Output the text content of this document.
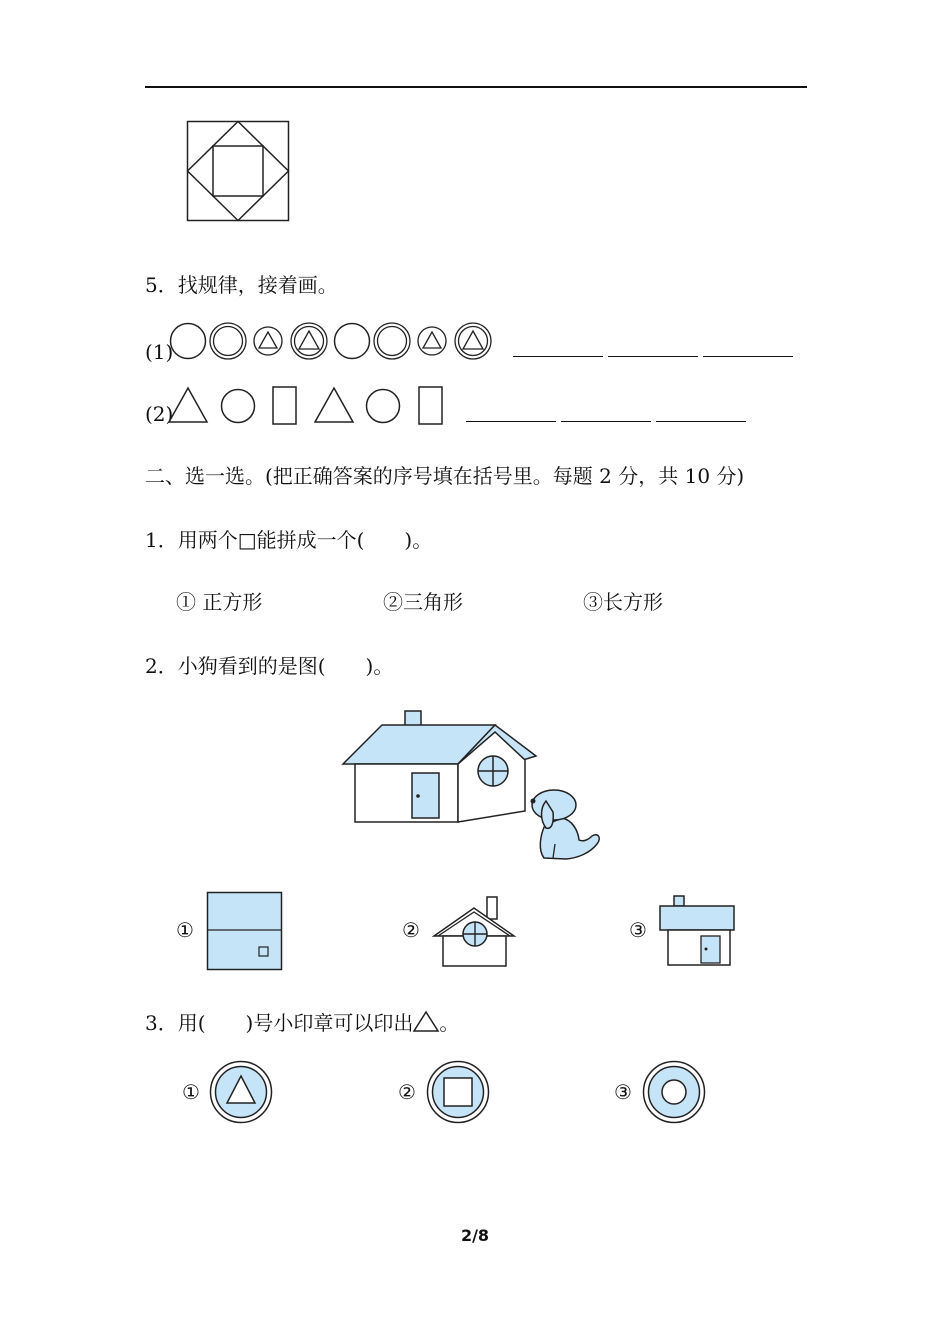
5．找规律，接着画。
(1)
(2)
二、选一选。(把正确答案的序号填在括号里。每题 2 分，共 10 分)
1．用两个□能拼成一个(　　)。
① 正方形	②三角形	③长方形
2．小狗看到的是图(　　)。
①	②	③
3．用(　　)号小印章可以印出 。
①	②	③
2/8
